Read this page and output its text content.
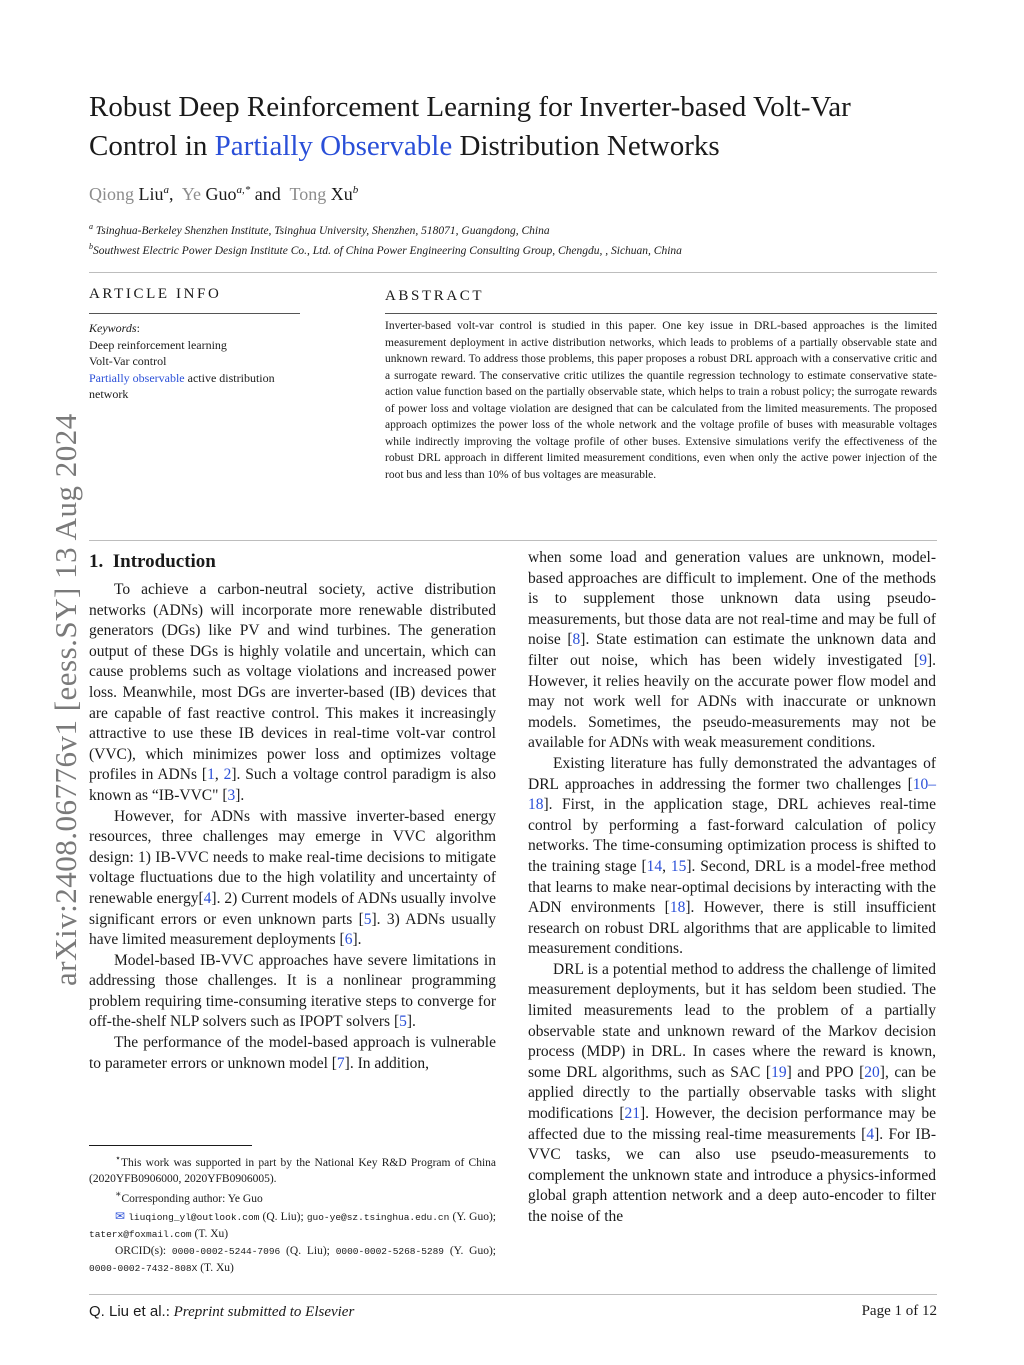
arXiv:2408.06776v1 [eess.SY] 13 Aug 2024
Robust Deep Reinforcement Learning for Inverter-based Volt-Var
Control in Partially Observable Distribution Networks
Qiong Liu$^a$,  Ye Guo$^{a,*}$ and  Tong Xu$^b$
$^a$ Tsinghua-Berkeley Shenzhen Institute, Tsinghua University, Shenzhen, 518071, Guangdong, China
$^b$Southwest Electric Power Design Institute Co., Ltd. of China Power Engineering Consulting Group, Chengdu, , Sichuan, China
ARTICLE INFO
Keywords:
Deep reinforcement learning
Volt-Var control
Partially observable active distribution network
ABSTRACT
Inverter-based volt-var control is studied in this paper. One key issue in DRL-based approaches is the limited measurement deployment in active distribution networks, which leads to problems of a partially observable state and unknown reward. To address those problems, this paper proposes a robust DRL approach with a conservative critic and a surrogate reward. The conservative critic utilizes the quantile regression technology to estimate conservative state-action value function based on the partially observable state, which helps to train a robust policy; the surrogate rewards of power loss and voltage violation are designed that can be calculated from the limited measurements. The proposed approach optimizes the power loss of the whole network and the voltage profile of buses with measurable voltages while indirectly improving the voltage profile of other buses. Extensive simulations verify the effectiveness of the robust DRL approach in different limited measurement conditions, even when only the active power injection of the root bus and less than 10% of bus voltages are measurable.
1.  Introduction

To achieve a carbon-neutral society, active distribution networks (ADNs) will incorporate more renewable distributed generators (DGs) like PV and wind turbines. The generation output of these DGs is highly volatile and uncertain, which can cause problems such as voltage violations and increased power loss. Meanwhile, most DGs are inverter-based (IB) devices that are capable of fast reactive control. This makes it increasingly attractive to use these IB devices in real-time volt-var control (VVC), which minimizes power loss and optimizes voltage profiles in ADNs [1, 2]. Such a voltage control paradigm is also known as “IB-VVC" [3].

However, for ADNs with massive inverter-based energy resources, three challenges may emerge in VVC algorithm design: 1) IB-VVC needs to make real-time decisions to mitigate voltage fluctuations due to the high volatility and uncertainty of renewable energy[4]. 2) Current models of ADNs usually involve significant errors or even unknown parts [5]. 3) ADNs usually have limited measurement deployments [6].

Model-based IB-VVC approaches have severe limitations in addressing those challenges. It is a nonlinear programming problem requiring time-consuming iterative steps to converge for off-the-shelf NLP solvers such as IPOPT solvers [5].

The performance of the model-based approach is vulnerable to parameter errors or unknown model [7]. In addition,

⋆This work was supported in part by the National Key R&D Program of China (2020YFB0906000, 2020YFB0906005).

∗Corresponding author: Ye Guo

✉ liuqiong_yl@outlook.com (Q. Liu); guo-ye@sz.tsinghua.edu.cn (Y. Guo); taterx@foxmail.com (T. Xu)

ORCID(s): 0000-0002-5244-7096 (Q. Liu); 0000-0002-5268-5289 (Y. Guo); 0000-0002-7432-808X (T. Xu)

when some load and generation values are unknown, model-based approaches are difficult to implement. One of the methods is to supplement those unknown data using pseudo-measurements, but those data are not real-time and may be full of noise [8]. State estimation can estimate the unknown data and filter out noise, which has been widely investigated [9]. However, it relies heavily on the accurate power flow model and may not work well for ADNs with inaccurate or unknown models. Sometimes, the pseudo-measurements may not be available for ADNs with weak measurement conditions.

Existing literature has fully demonstrated the advantages of DRL approaches in addressing the former two challenges [10–18]. First, in the application stage, DRL achieves real-time control by performing a fast-forward calculation of policy networks. The time-consuming optimization process is shifted to the training stage [14, 15]. Second, DRL is a model-free method that learns to make near-optimal decisions by interacting with the ADN environments [18]. However, there is still insufficient research on robust DRL algorithms that are applicable to limited measurement conditions.

DRL is a potential method to address the challenge of limited measurement deployments, but it has seldom been studied. The limited measurements lead to the problem of a partially observable state and unknown reward of the Markov decision process (MDP) in DRL. In cases where the reward is known, some DRL algorithms, such as SAC [19] and PPO [20], can be applied directly to the partially observable tasks with slight modifications [21]. However, the decision performance may be affected due to the missing real-time measurements [4]. For IB-VVC tasks, we can also use pseudo-measurements to complement the unknown state and introduce a physics-informed global graph attention network and a deep auto-encoder to filter the noise of the

Q. Liu et al.: Preprint submitted to Elsevier	Page 1 of 12
